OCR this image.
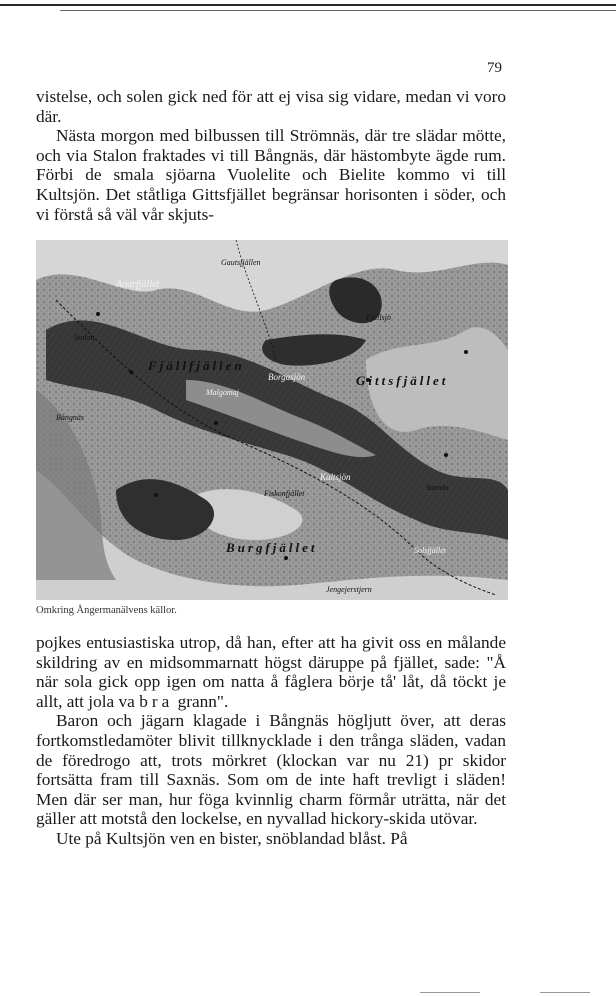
79

vistelse, och solen gick ned för att ej visa sig vidare, medan vi voro där.

Nästa morgon med bilbussen till Strömnäs, där tre slädar mötte, och via Stalon fraktades vi till Bångnäs, där hästombyte ägde rum. Förbi de smala sjöarna Vuolelite och Bielite kommo vi till Kultsjön. Det ståtliga Gittsfjället begränsar horisonten i söder, och vi förstå så väl vår skjuts-

Anarfjället
Fjällfjällen
Gittsfjället
Burgfjället
Kultsjön
Borgasjön
Fjällsjö
Saxnäs
Bångnäs
Malgomaj
Fiskonfjället
Stalon
Gautsfjällen
Solsfjället
Jengejerstjern
Omkring Ångermanälvens källor.

pojkes entusiastiska utrop, då han, efter att ha givit oss en målande skildring av en midsommarnatt högst däruppe på fjället, sade: "Å när sola gick opp igen om natta å fåglera börje tå' låt, då töckt je allt, att jola va bra grann".

Baron och jägarn klagade i Bångnäs högljutt över, att deras fortkomstledamöter blivit tillknycklade i den trånga släden, vadan de föredrogo att, trots mörkret (klockan var nu 21) pr skidor fortsätta fram till Saxnäs. Som om de inte haft trevligt i släden! Men där ser man, hur föga kvinnlig charm förmår uträtta, när det gäller att motstå den lockelse, en nyvallad hickory-skida utövar.

Ute på Kultsjön ven en bister, snöblandad blåst. På
